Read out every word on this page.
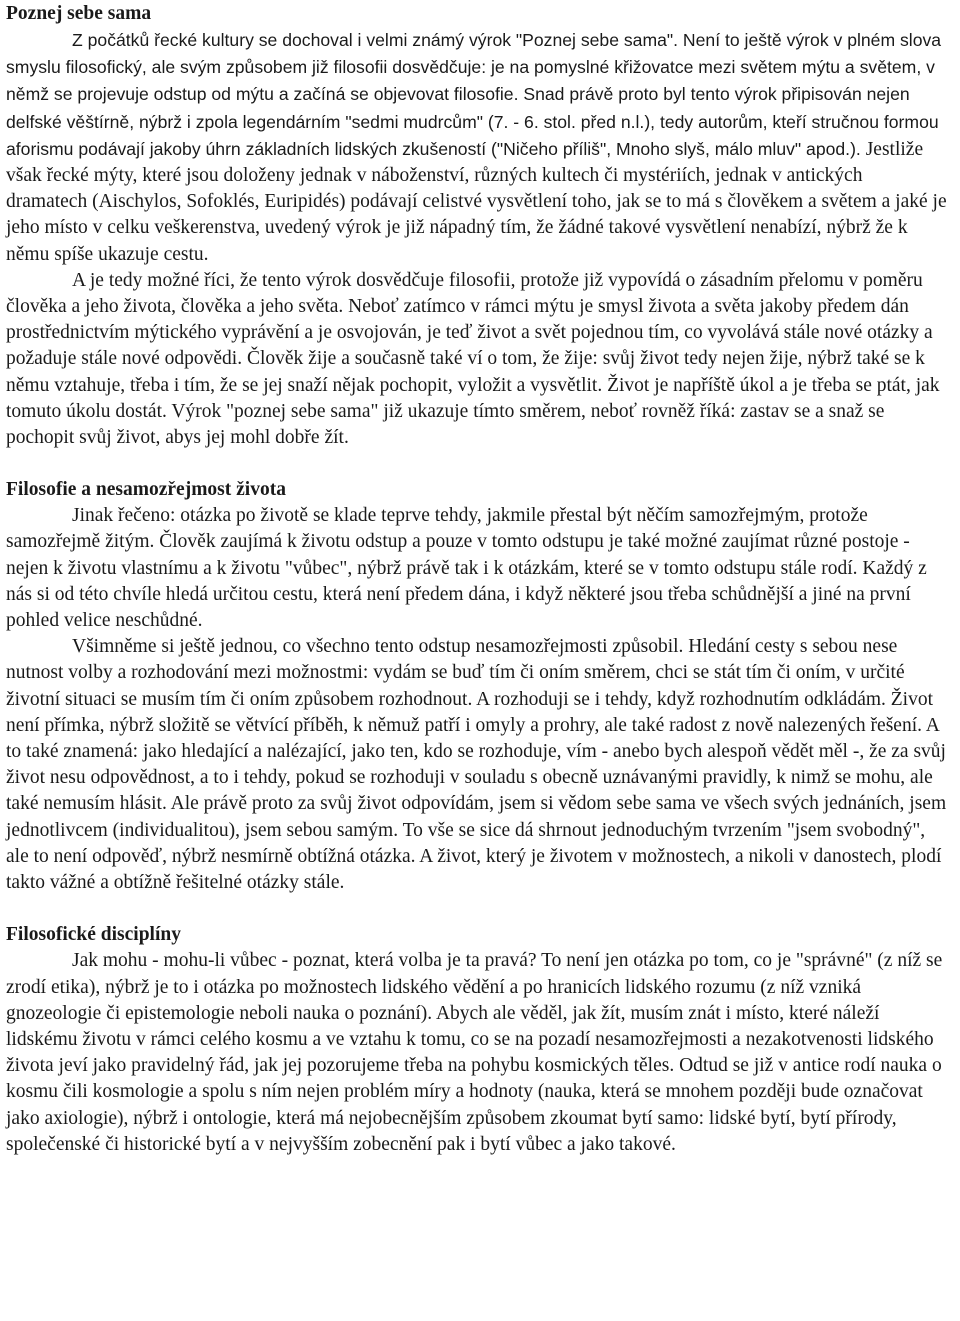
Poznej sebe sama

Z počátků řecké kultury se dochoval i velmi známý výrok "Poznej sebe sama". Není to ještě výrok v plném slova smyslu filosofický, ale svým způsobem již filosofii dosvědčuje: je na pomyslné křižovatce mezi světem mýtu a světem, v němž se projevuje odstup od mýtu a začíná se objevovat filosofie. Snad právě proto byl tento výrok připisován nejen delfské věštírně, nýbrž i zpola legendárním "sedmi mudrcům" (7. - 6. stol. před n.l.), tedy autorům, kteří stručnou formou aforismu podávají jakoby úhrn základních lidských zkušeností ("Ničeho příliš", Mnoho slyš, málo mluv" apod.). Jestliže však řecké mýty, které jsou doloženy jednak v náboženství, různých kultech či mystériích, jednak v antických dramatech (Aischylos, Sofoklés, Euripidés) podávají celistvé vysvětlení toho, jak se to má s člověkem a světem a jaké je jeho místo v celku veškerenstva, uvedený výrok je již nápadný tím, že žádné takové vysvětlení nenabízí, nýbrž že k němu spíše ukazuje cestu.

A je tedy možné říci, že tento výrok dosvědčuje filosofii, protože již vypovídá o zásadním přelomu v poměru člověka a jeho života, člověka a jeho světa. Neboť zatímco v rámci mýtu je smysl života a světa jakoby předem dán prostřednictvím mýtického vyprávění a je osvojován, je teď život a svět pojednou tím, co vyvolává stále nové otázky a požaduje stále nové odpovědi. Člověk žije a současně také ví o tom, že žije: svůj život tedy nejen žije, nýbrž také se k němu vztahuje, třeba i tím, že se jej snaží nějak pochopit, vyložit a vysvětlit. Život je napříště úkol a je třeba se ptát, jak tomuto úkolu dostát. Výrok "poznej sebe sama" již ukazuje tímto směrem, neboť rovněž říká: zastav se a snaž se pochopit svůj život, abys jej mohl dobře žít.

Filosofie a nesamozřejmost života

Jinak řečeno: otázka po životě se klade teprve tehdy, jakmile přestal být něčím samozřejmým, protože samozřejmě žitým. Člověk zaujímá k životu odstup a pouze v tomto odstupu je také možné zaujímat různé postoje - nejen k životu vlastnímu a k životu "vůbec", nýbrž právě tak i k otázkám, které se v tomto odstupu stále rodí. Každý z nás si od této chvíle hledá určitou cestu, která není předem dána, i když některé jsou třeba schůdnější a jiné na první pohled velice neschůdné.

Všimněme si ještě jednou, co všechno tento odstup nesamozřejmosti způsobil. Hledání cesty s sebou nese nutnost volby a rozhodování mezi možnostmi: vydám se buď tím či oním směrem, chci se stát tím či oním, v určité životní situaci se musím tím či oním způsobem rozhodnout. A rozhoduji se i tehdy, když rozhodnutím odkládám. Život není přímka, nýbrž složitě se větvící příběh, k němuž patří i omyly a prohry, ale také radost z nově nalezených řešení. A to také znamená: jako hledající a nalézající, jako ten, kdo se rozhoduje, vím - anebo bych alespoň vědět měl -, že za svůj život nesu odpovědnost, a to i tehdy, pokud se rozhoduji v souladu s obecně uznávanými pravidly, k nimž se mohu, ale také nemusím hlásit. Ale právě proto za svůj život odpovídám, jsem si vědom sebe sama ve všech svých jednáních, jsem jednotlivcem (individualitou), jsem sebou samým. To vše se sice dá shrnout jednoduchým tvrzením "jsem svobodný", ale to není odpověď, nýbrž nesmírně obtížná otázka. A život, který je životem v možnostech, a nikoli v danostech, plodí takto vážné a obtížně řešitelné otázky stále.

Filosofické disciplíny

Jak mohu - mohu-li vůbec - poznat, která volba je ta pravá? To není jen otázka po tom, co je "správné" (z níž se zrodí etika), nýbrž je to i otázka po možnostech lidského vědění a po hranicích lidského rozumu (z níž vzniká gnozeologie či epistemologie neboli nauka o poznání). Abych ale věděl, jak žít, musím znát i místo, které náleží lidskému životu v rámci celého kosmu a ve vztahu k tomu, co se na pozadí nesamozřejmosti a nezakotvenosti lidského života jeví jako pravidelný řád, jak jej pozorujeme třeba na pohybu kosmických těles. Odtud se již v antice rodí nauka o kosmu čili kosmologie a spolu s ním nejen problém míry a hodnoty (nauka, která se mnohem později bude označovat jako axiologie), nýbrž i ontologie, která má nejobecnějším způsobem zkoumat bytí samo: lidské bytí, bytí přírody, společenské či historické bytí a v nejvyšším zobecnění pak i bytí vůbec a jako takové.
